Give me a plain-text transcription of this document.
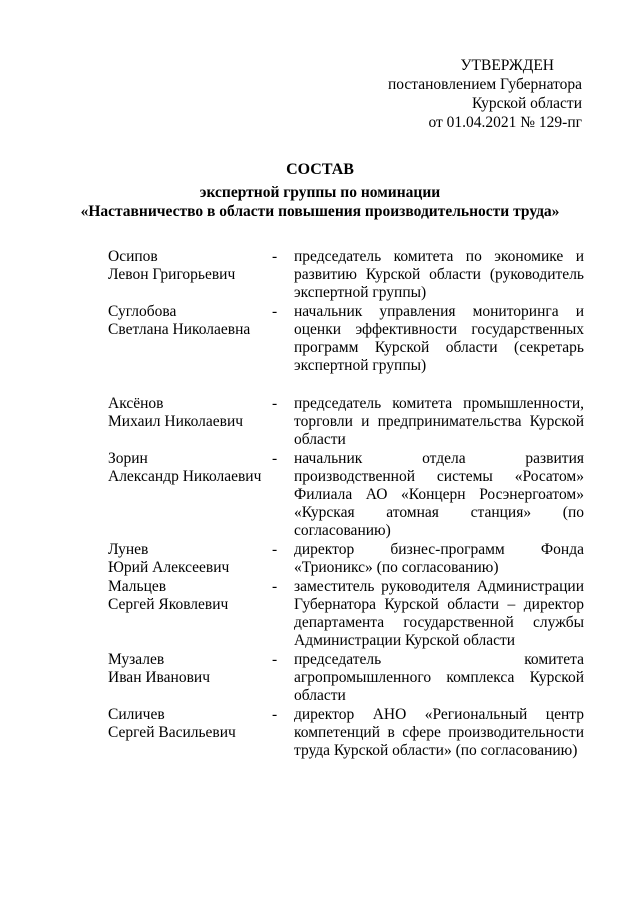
УТВЕРЖДЕН
постановлением Губернатора
Курской области
от 01.04.2021 № 129-пг
СОСТАВ
экспертной группы по номинации
«Наставничество в области повышения производительности труда»
Осипов
Левон Григорьевич
-	председатель комитета по экономике и развитию Курской области (руководитель экспертной группы)
Суглобова
Светлана Николаевна
-	начальник управления мониторинга и оценки эффективности государственных программ Курской области (секретарь экспертной группы)
Аксёнов
Михаил Николаевич
-	председатель комитета промышленности, торговли и предпринимательства Курской области
Зорин
Александр Николаевич
-	начальник отдела развития производственной системы «Росатом» Филиала АО «Концерн Росэнергоатом» «Курская атомная станция» (по согласованию)
Лунев
Юрий Алексеевич
-	директор бизнес-программ Фонда «Трионикс» (по согласованию)
Мальцев
Сергей Яковлевич
-	заместитель руководителя Администрации Губернатора Курской области – директор департамента государственной службы Администрации Курской области
Музалев
Иван Иванович
-	председатель комитета агропромышленного комплекса Курской области
Силичев
Сергей Васильевич
-	директор АНО «Региональный центр компетенций в сфере производительности труда Курской области» (по согласованию)
